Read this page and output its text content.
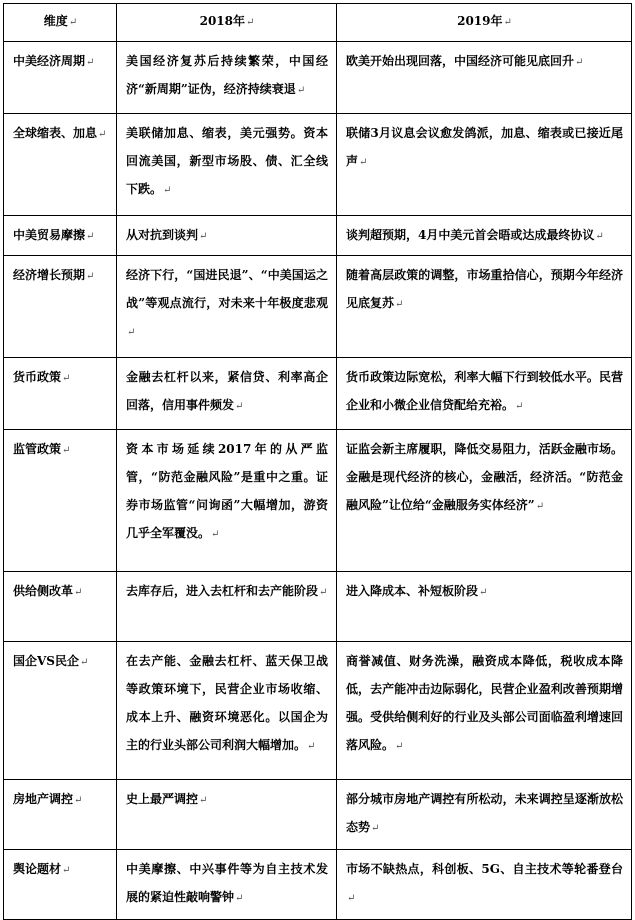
维度↵	2018年↵	2019年↵
中美经济周期↵	美国经济复苏后持续繁荣，中国经济“新周期”证伪，经济持续衰退↵	欧美开始出现回落，中国经济可能见底回升↵
全球缩表、加息↵	美联储加息、缩表，美元强势。资本回流美国，新型市场股、债、汇全线下跌。↵	联储3月议息会议愈发鸽派，加息、缩表或已接近尾声↵
中美贸易摩擦↵	从对抗到谈判↵	谈判超预期，4月中美元首会晤或达成最终协议↵
经济增长预期↵	经济下行，“国进民退”、“中美国运之战”等观点流行，对未来十年极度悲观↵	随着高层政策的调整，市场重拾信心，预期今年经济见底复苏↵
货币政策↵	金融去杠杆以来，紧信贷、利率高企回落，信用事件频发↵	货币政策边际宽松，利率大幅下行到较低水平。民营企业和小微企业信贷配给充裕。↵
监管政策↵	资本市场延续2017年的从严监管，“防范金融风险”是重中之重。证券市场监管“问询函”大幅增加，游资几乎全军覆没。↵	证监会新主席履职，降低交易阻力，活跃金融市场。金融是现代经济的核心，金融活，经济活。“防范金融风险”让位给“金融服务实体经济”↵
供给侧改革↵	去库存后，进入去杠杆和去产能阶段↵	进入降成本、补短板阶段↵
国企VS民企↵	在去产能、金融去杠杆、蓝天保卫战等政策环境下，民营企业市场收缩、成本上升、融资环境恶化。以国企为主的行业头部公司利润大幅增加。↵	商誉减值、财务洗澡，融资成本降低，税收成本降低，去产能冲击边际弱化，民营企业盈利改善预期增强。受供给侧利好的行业及头部公司面临盈利增速回落风险。↵
房地产调控↵	史上最严调控↵	部分城市房地产调控有所松动，未来调控呈逐渐放松态势↵
舆论题材↵	中美摩擦、中兴事件等为自主技术发展的紧迫性敲响警钟↵	市场不缺热点，科创板、5G、自主技术等轮番登台↵
